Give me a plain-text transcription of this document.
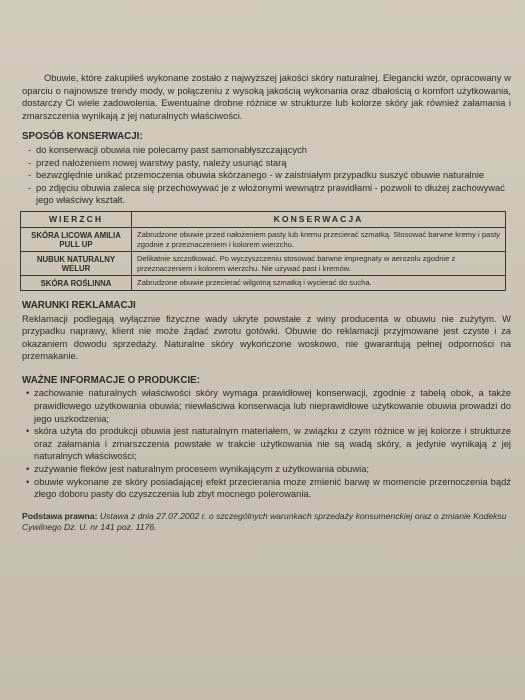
Obuwie, które zakupiłeś wykonane zostało z najwyższej jakości skóry naturalnej. Elegancki wzór, opracowany w oparciu o najnowsze trendy mody, w połączeniu z wysoką jakością wykonania oraz dbałością o komfort użytkowania, dostarczy Ci wiele zadowolenia. Ewentualne drobne różnice w strukturze lub kolorze skóry jak również załamania i zmarszczenia wynikają z jej naturalnych właściwości.

SPOSÓB KONSERWACJI:
- do konserwacji obuwia nie polecamy past samonabłyszczających
- przed nałożeniem nowej warstwy pasty, należy usunąć starą
- bezwzględnie unikać przemoczenia obuwia skórzanego - w zaistniałym przypadku suszyć obuwie naturalnie
- po zdjęciu obuwia zaleca się przechowywać je z włożonymi wewnątrz prawidłami - pozwoli to dłużej zachowywać jego właściwy kształt.
WIERZCH	KONSERWACJA
SKÓRA LICOWA AMILIA PULL UP	Zabrudzone obuwie przed nałożeniem pasty lub kremu przecierać szmatką. Stosować barwne kremy i pasty zgodnie z przeznaczeniem i kolorem wierzchu.
NUBUK NATURALNY WELUR	Delikatnie szczotkować. Po wyczyszczeniu stosować barwne impregnaty w aerozolu zgodnie z przeznaczeniem i kolorem wierzchu. Nie używać past i kremów.
SKÓRA ROŚLINNA	Zabrudzone obuwie przecierać wilgotną szmatką i wycierać do sucha.
WARUNKI REKLAMACJI

Reklamacji podlegają wyłącznie fizyczne wady ukryte powstałe z winy producenta w obuwiu nie zużytym. W przypadku naprawy, klient nie może żądać zwrotu gotówki. Obuwie do reklamacji przyjmowane jest czyste i za okazaniem dowodu sprzedaży. Naturalne skóry wykończone woskowo, nie gwarantują pełnej odporności na przemakanie.

WAŻNE INFORMACJE O PRODUKCIE:
• zachowanie naturalnych właściwości skóry wymaga prawidłowej konserwacji, zgodnie z tabelą obok, a także prawidłowego użytkowania obuwia; niewłaściwa konserwacja lub nieprawidłowe użytkowanie obuwia prowadzi do jego uszkodzenia;
• skóra użyta do produkcji obuwia jest naturalnym materiałem, w związku z czym różnice w jej kolorze i strukturze oraz załamania i zmarszczenia powstałe w trakcie użytkowania nie są wadą skóry, a jedynie wynikają z jej naturalnych właściwości;
• zużywanie fleków jest naturalnym procesem wynikającym z użytkowania obuwia;
• obuwie wykonane ze skóry posiadającej efekt przecierania może zmienić barwę w momencie przemoczenia bądź złego doboru pasty do czyszczenia lub zbyt mocnego polerowania.

Podstawa prawna: Ustawa z dnia 27.07.2002 r. o szczególnych warunkach sprzedaży konsumenckiej oraz o zmianie Kodeksu Cywilnego Dz. U. nr 141 poz. 1176.
